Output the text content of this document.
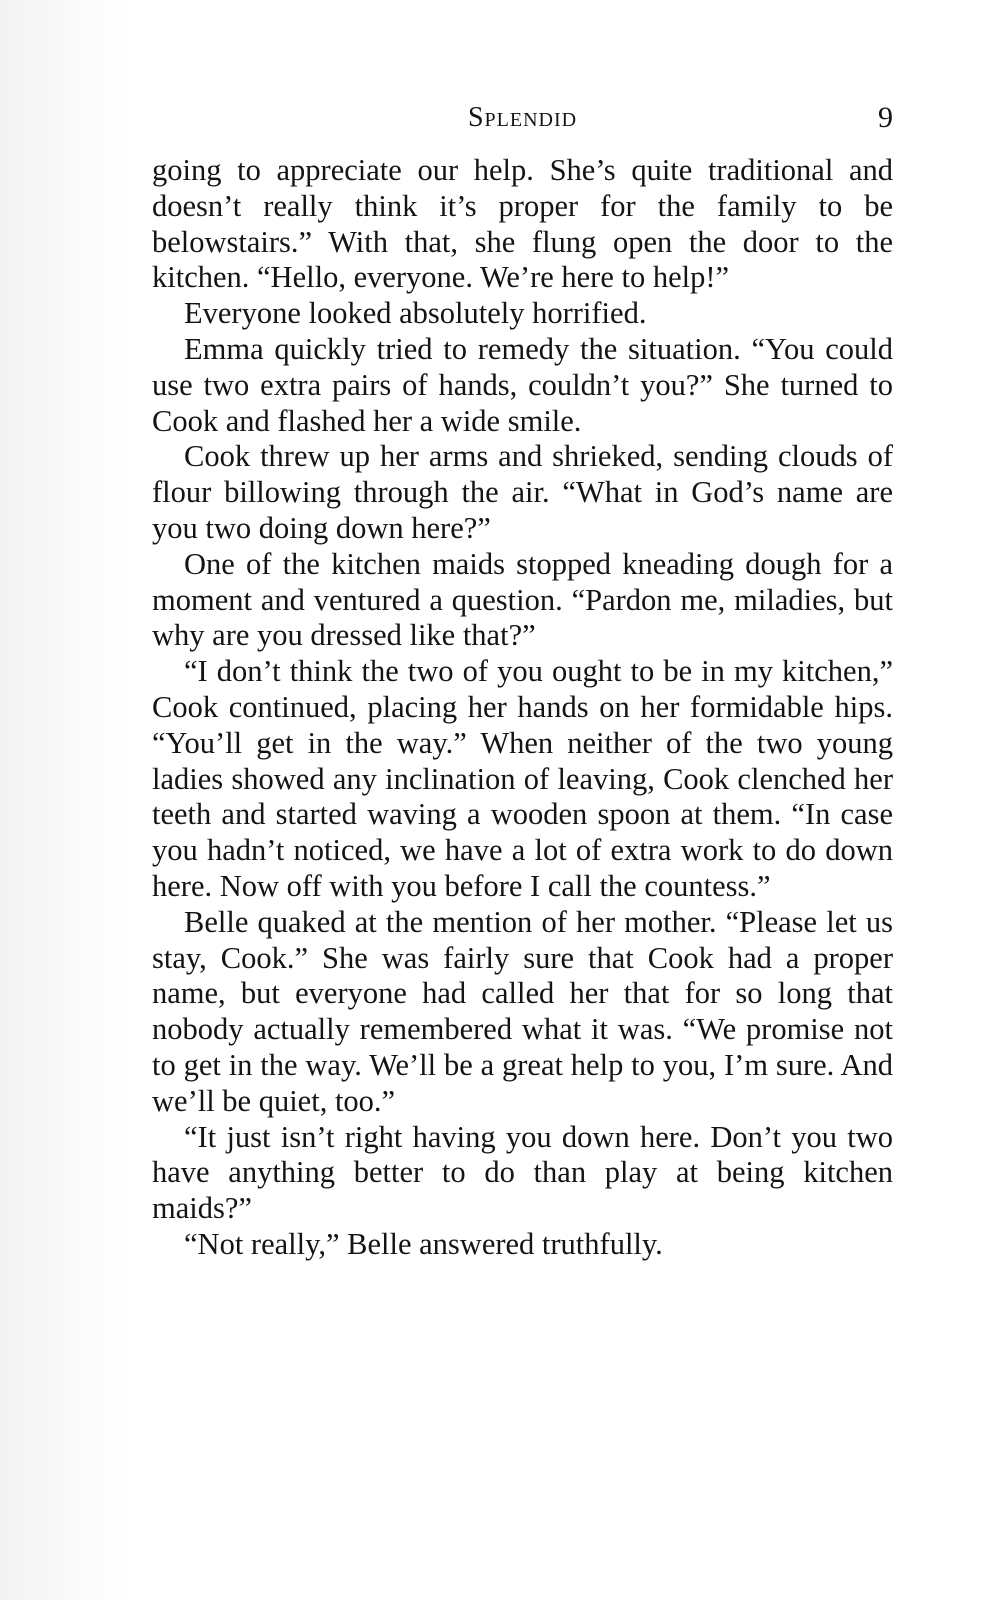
Splendid	9

going to appreciate our help. She’s quite traditional and doesn’t really think it’s proper for the family to be belowstairs.” With that, she flung open the door to the kitchen. “Hello, everyone. We’re here to help!”

Everyone looked absolutely horrified.

Emma quickly tried to remedy the situation. “You could use two extra pairs of hands, couldn’t you?” She turned to Cook and flashed her a wide smile.

Cook threw up her arms and shrieked, sending clouds of flour billowing through the air. “What in God’s name are you two doing down here?”

One of the kitchen maids stopped kneading dough for a moment and ventured a question. “Pardon me, miladies, but why are you dressed like that?”

“I don’t think the two of you ought to be in my kitchen,” Cook continued, placing her hands on her formidable hips. “You’ll get in the way.” When neither of the two young ladies showed any inclination of leaving, Cook clenched her teeth and started waving a wooden spoon at them. “In case you hadn’t noticed, we have a lot of extra work to do down here. Now off with you before I call the countess.”

Belle quaked at the mention of her mother. “Please let us stay, Cook.” She was fairly sure that Cook had a proper name, but everyone had called her that for so long that nobody actually remembered what it was. “We promise not to get in the way. We’ll be a great help to you, I’m sure. And we’ll be quiet, too.”

“It just isn’t right having you down here. Don’t you two have anything better to do than play at being kitchen maids?”

“Not really,” Belle answered truthfully.
